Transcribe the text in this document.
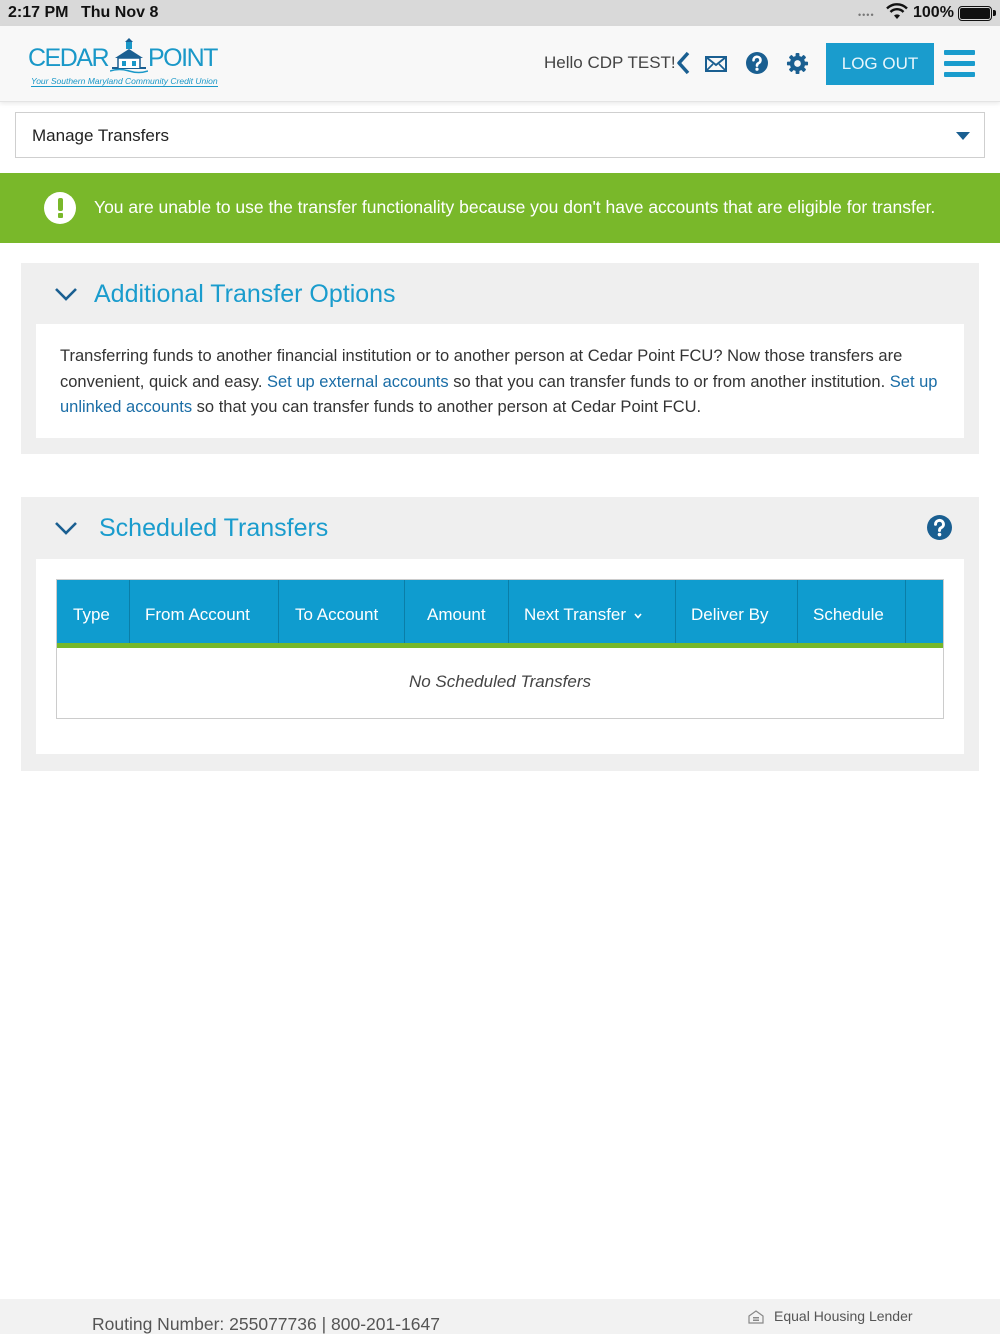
2:17 PM Thu Nov 8	•••• 100%
CEDAR POINT
Your Southern Maryland Community Credit Union
Hello CDP TEST!	LOG OUT
Manage Transfers
You are unable to use the transfer functionality because you don't have accounts that are eligible for transfer.
Additional Transfer Options

Transferring funds to another financial institution or to another person at Cedar Point FCU? Now those transfers are convenient, quick and easy. Set up external accounts so that you can transfer funds to or from another institution. Set up unlinked accounts so that you can transfer funds to another person at Cedar Point FCU.

Scheduled Transfers
Type	From Account	To Account	Amount	Next Transfer	Deliver By	Schedule
No Scheduled Transfers
Routing Number: 255077736 | 800-201-1647	Equal Housing Lender
